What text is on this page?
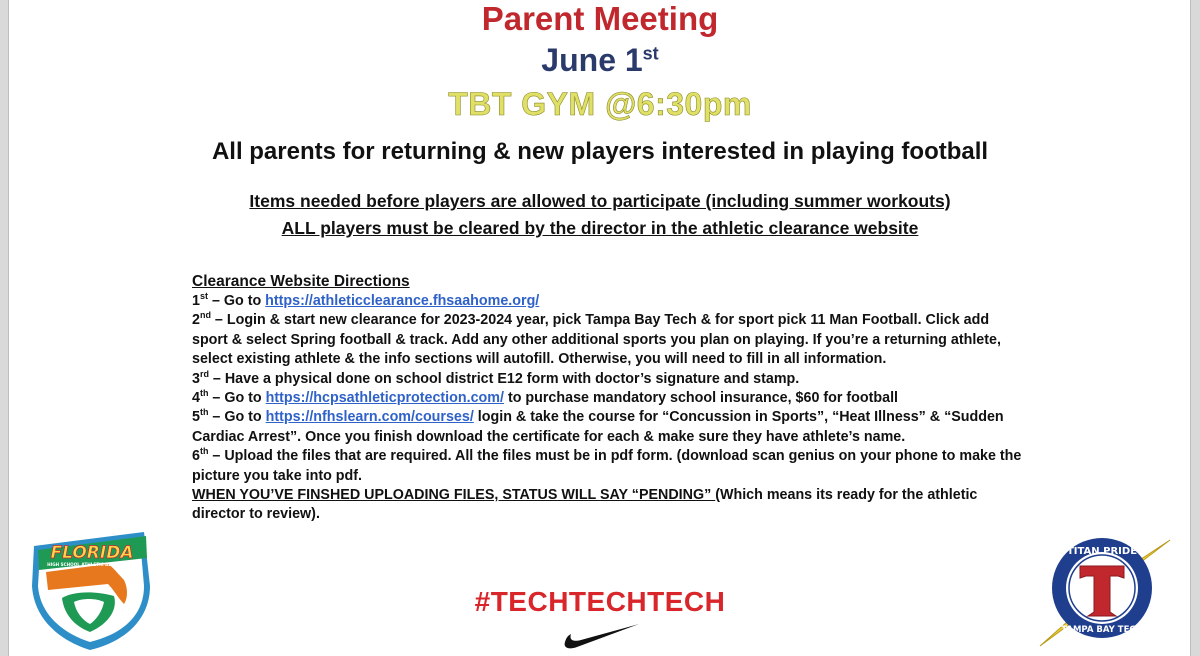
Parent Meeting
June 1st
TBT GYM @6:30pm
All parents for returning & new players interested in playing football
Items needed before players are allowed to participate (including summer workouts)
ALL players must be cleared by the director in the athletic clearance website

Clearance Website Directions

1st – Go to https://athleticclearance.fhsaahome.org/

2nd – Login & start new clearance for 2023-2024 year, pick Tampa Bay Tech & for sport pick 11 Man Football. Click add sport & select Spring football & track. Add any other additional sports you plan on playing. If you’re a returning athlete, select existing athlete & the info sections will autofill. Otherwise, you will need to fill in all information.

3rd – Have a physical done on school district E12 form with doctor’s signature and stamp.

4th – Go to https://hcpsathleticprotection.com/ to purchase mandatory school insurance, $60 for football

5th – Go to https://nfhslearn.com/courses/ login & take the course for “Concussion in Sports”, “Heat Illness” & “Sudden Cardiac Arrest”. Once you finish download the certificate for each & make sure they have athlete’s name.

6th – Upload the files that are required. All the files must be in pdf form. (download scan genius on your phone to make the picture you take into pdf.

WHEN YOU’VE FINSHED UPLOADING FILES, STATUS WILL SAY “PENDING” (Which means its ready for the athletic director to review).

#TECHTECHTECH
FLORIDA
HIGH SCHOOL ATHLETIC ASSOCIATION
TITAN PRIDE
TAMPA BAY TECH
